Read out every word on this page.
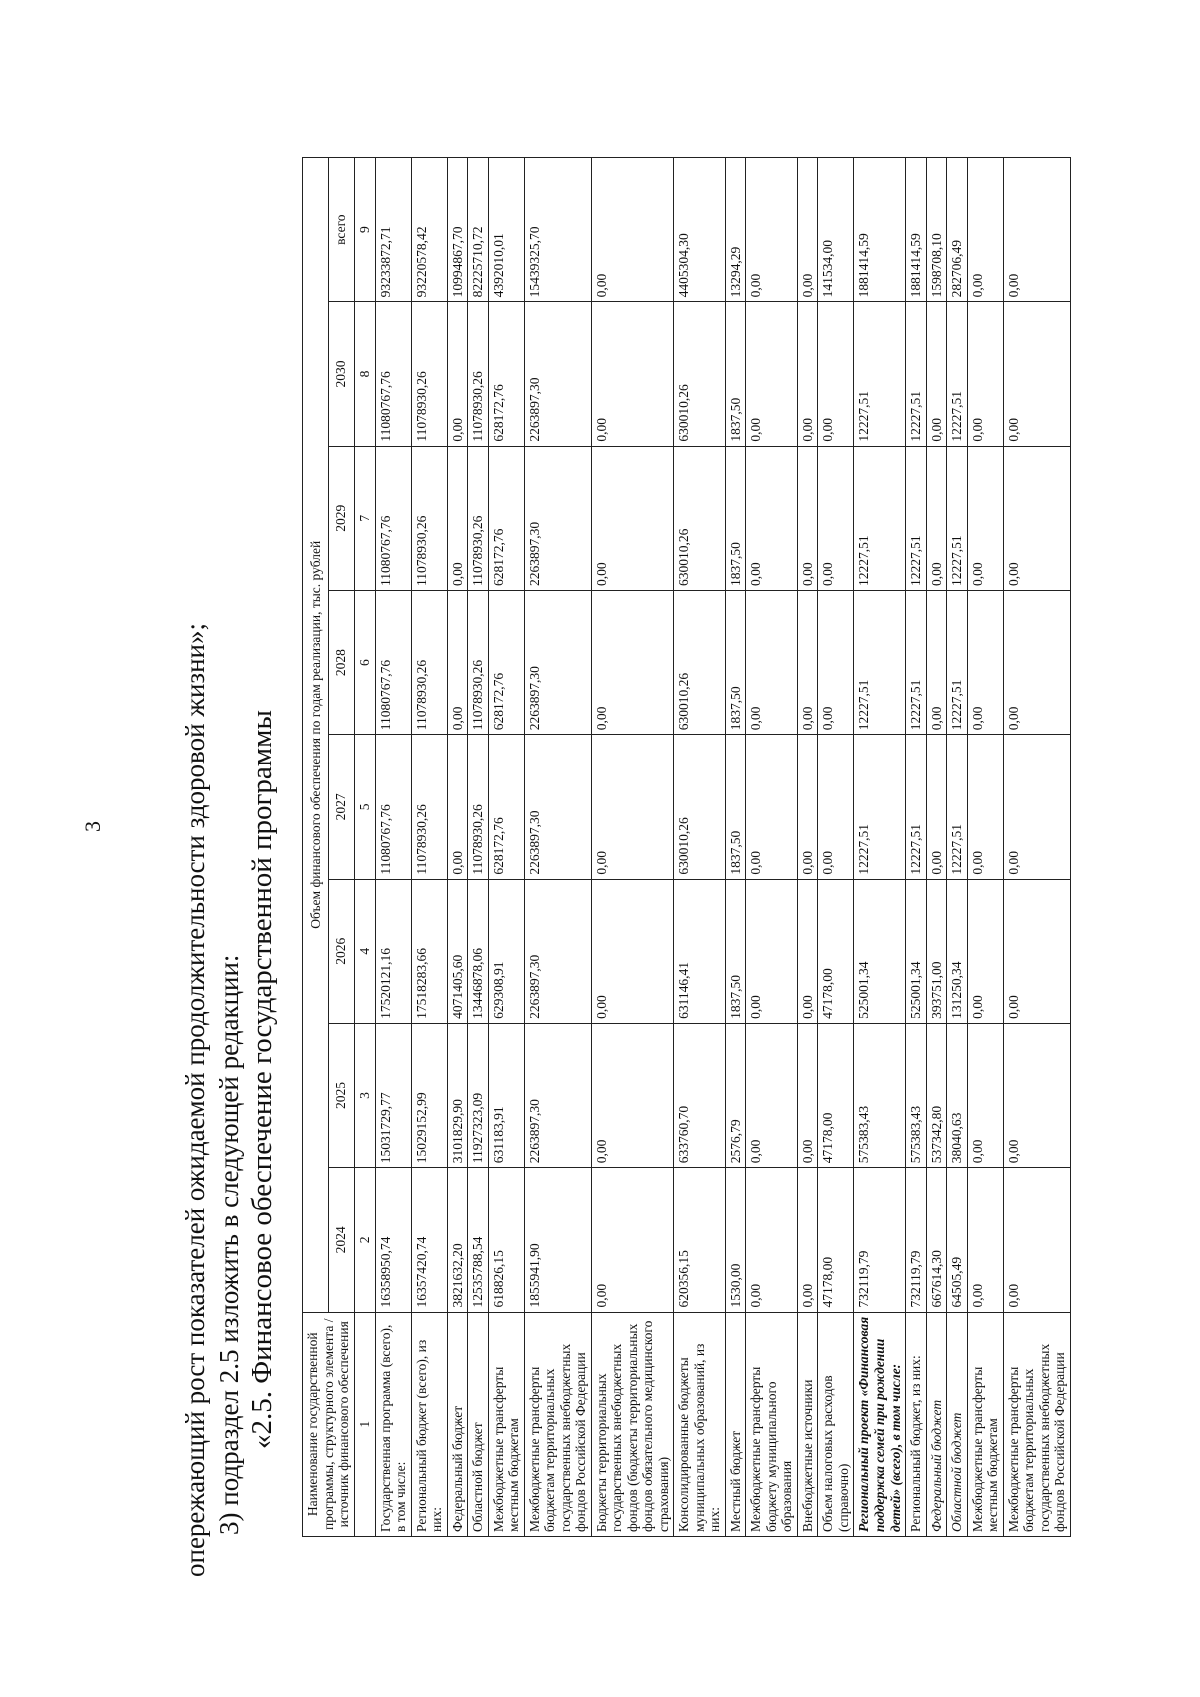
3	опережающий рост показателей ожидаемой продолжительности здоровой жизни»; 3) подраздел 2.5 изложить в следующей редакции: «2.5. Финансовое обеспечение государственной программы Наименование государственной программы, структурного элемента / источник финансового обеспечения	Объем финансового обеспечения по годам реализации, тыс. рублей							
	2024	2025	2026	2027	2028	2029	2030	всего
1	2	3	4	5	6	7	8	9
Государственная программа (всего), в том числе:	16358950,74	15031729,77	17520121,16	11080767,76	11080767,76	11080767,76	11080767,76	93233872,71
Региональный бюджет (всего), из них:	16357420,74	15029152,99	17518283,66	11078930,26	11078930,26	11078930,26	11078930,26	93220578,42
Федеральный бюджет	3821632,20	3101829,90	4071405,60	0,00	0,00	0,00	0,00	10994867,70
Областной бюджет	12535788,54	11927323,09	13446878,06	11078930,26	11078930,26	11078930,26	11078930,26	82225710,72
Межбюджетные трансферты местным бюджетам	618826,15	631183,91	629308,91	628172,76	628172,76	628172,76	628172,76	4392010,01
Межбюджетные трансферты бюджетам территориальных государственных внебюджетных фондов Российской Федерации	1855941,90	2263897,30	2263897,30	2263897,30	2263897,30	2263897,30	2263897,30	15439325,70
Бюджеты территориальных государственных внебюджетных фондов (бюджеты территориальных фондов обязательного медицинского страхования)	0,00	0,00	0,00	0,00	0,00	0,00	0,00	0,00
Консолидированные бюджеты муниципальных образований, из них:	620356,15	633760,70	631146,41	630010,26	630010,26	630010,26	630010,26	4405304,30
Местный бюджет	1530,00	2576,79	1837,50	1837,50	1837,50	1837,50	1837,50	13294,29
Межбюджетные трансферты бюджету муниципального образования	0,00	0,00	0,00	0,00	0,00	0,00	0,00	0,00
Внебюджетные источники	0,00	0,00	0,00	0,00	0,00	0,00	0,00	0,00
Объем налоговых расходов (справочно)	47178,00	47178,00	47178,00	0,00	0,00	0,00	0,00	141534,00
Региональный проект «Финансовая поддержка семей при рождении детей» (всего), в том числе:	732119,79	575383,43	525001,34	12227,51	12227,51	12227,51	12227,51	1881414,59
Региональный бюджет, из них:	732119,79	575383,43	525001,34	12227,51	12227,51	12227,51	12227,51	1881414,59
Федеральный бюджет	667614,30	537342,80	393751,00	0,00	0,00	0,00	0,00	1598708,10
Областной бюджет	64505,49	38040,63	131250,34	12227,51	12227,51	12227,51	12227,51	282706,49
Межбюджетные трансферты местным бюджетам	0,00	0,00	0,00	0,00	0,00	0,00	0,00	0,00
Межбюджетные трансферты бюджетам территориальных государственных внебюджетных фондов Российской Федерации	0,00	0,00	0,00	0,00	0,00	0,00	0,00	0,00
